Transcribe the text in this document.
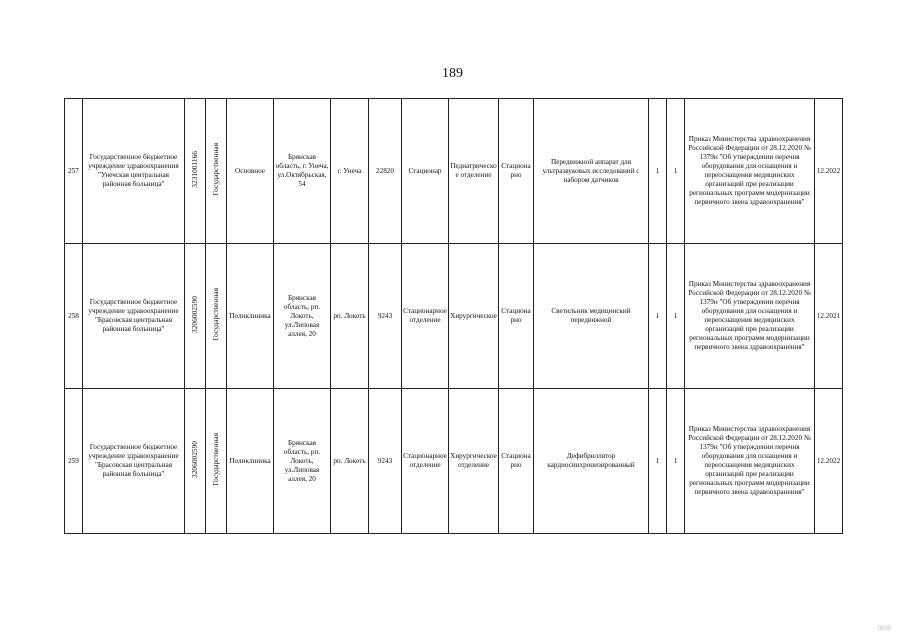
189
257	Государственное бюджетное учреждение здравоохранения "Унечская центральная районная больница"	3231001166	Государственная	Основное	Брянская область, г. Унеча, ул.Октябрьская, 54	г. Унеча	22820	Стационар	Педиатрическое отделение	Стационарно	Передвижной аппарат для ультразвуковых исследований с набором датчиков	1	1	Приказ Министерства здравоохранения Российской Федерации от 28.12.2020 № 1379н "Об утверждении перечня оборудования для оснащения и переоснащения медицинских организаций при реализации региональных программ модернизации первичного звена здравоохранения"	12.2022
258	Государственное бюджетное учреждение здравоохранение "Брасовская центральная районная больница"	3206002590	Государственная	Поликлиника	Брянская область, рп. Локоть, ул.Липовая аллея, 20	рп. Локоть	9243	Стационарное отделение	Хирургическое	Стационарно	Светильник медицинский передвижной	1	1	Приказ Министерства здравоохранения Российской Федерации от 28.12.2020 № 1379н "Об утверждении перечня оборудования для оснащения и переоснащения медицинских организаций при реализации региональных программ модернизации первичного звена здравоохранения"	12.2021
259	Государственное бюджетное учреждение здравоохранение "Брасовская центральная районная больница"	3206002590	Государственная	Поликлиника	Брянская область, рп. Локоть, ул.Липовая аллея, 20	рп. Локоть	9243	Стационарное отделение	Хирургическое отделение	Стационарно	Дефибриллятор кардиосинхронизированный	1	1	Приказ Министерства здравоохранения Российской Федерации от 28.12.2020 № 1379н "Об утверждении перечня оборудования для оснащения и переоснащения медицинских организаций при реализации региональных программ модернизации первичного звена здравоохранения"	12.2022
0000
